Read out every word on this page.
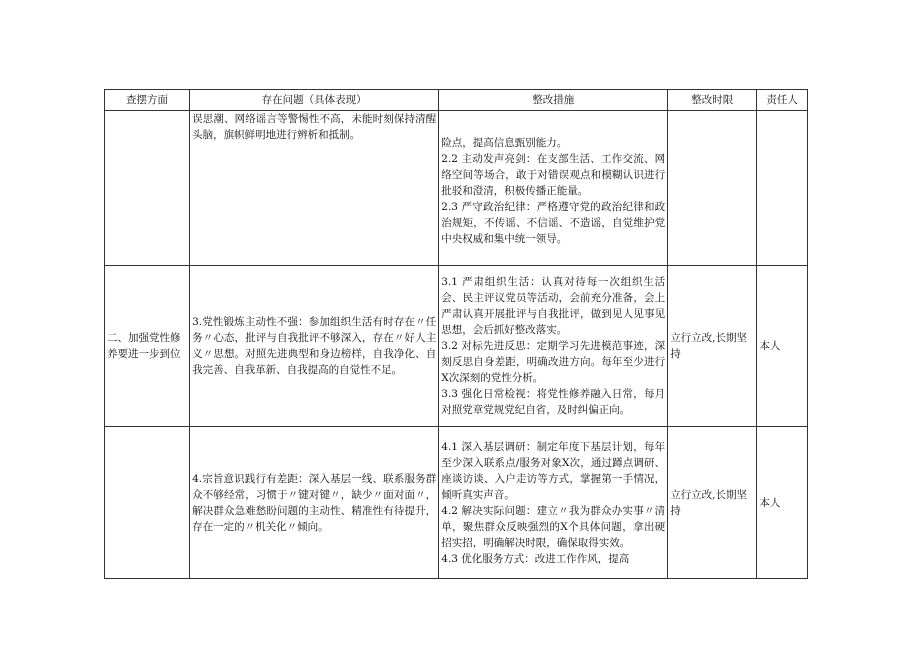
查摆方面	存在问题（具体表现）	整改措施	整改时限	责任人

	误思潮、网络谣言等警惕性不高，未能时刻保持清醒头脑，旗帜鲜明地进行辨析和抵制。	险点，提高信息甄别能力。

2.2 主动发声亮剑：在支部生活、工作交流、网络空间等场合，敢于对错误观点和模糊认识进行批驳和澄清，积极传播正能量。

2.3 严守政治纪律：严格遵守党的政治纪律和政治规矩，不传谣、不信谣、不造谣，自觉维护党中央权威和集中统一领导。		

二、加强党性修养要进一步到位	3.党性锻炼主动性不强：参加组织生活有时存在〃任务〃心态，批评与自我批评不够深入，存在〃好人主义〃思想。对照先进典型和身边榜样，自我净化、自我完善、自我革新、自我提高的自觉性不足。	3.1 严肃组织生活：认真对待每一次组织生活会、民主评议党员等活动，会前充分准备，会上严肃认真开展批评与自我批评，做到见人见事见思想，会后抓好整改落实。

3.2 对标先进反思：定期学习先进模范事迹，深刻反思自身差距，明确改进方向。每年至少进行X次深刻的党性分析。

3.3 强化日常检视：将党性修养融入日常，每月对照党章党规党纪自省，及时纠偏正向。	立行立改,长期坚持	本人

	4.宗旨意识践行有差距：深入基层一线、联系服务群众不够经常，习惯于〃键对键〃，缺少〃面对面〃，解决群众急难愁盼问题的主动性、精准性有待提升，存在一定的〃机关化〃倾向。	4.1 深入基层调研：制定年度下基层计划，每年至少深入联系点/服务对象X次，通过蹲点调研、座谈访谈、入户走访等方式，掌握第一手情况，倾听真实声音。

4.2 解决实际问题：建立〃我为群众办实事〃清单，聚焦群众反映强烈的X个具体问题，拿出硬招实招，明确解决时限，确保取得实效。

4.3 优化服务方式：改进工作作风，提高	立行立改,长期坚持	本人
